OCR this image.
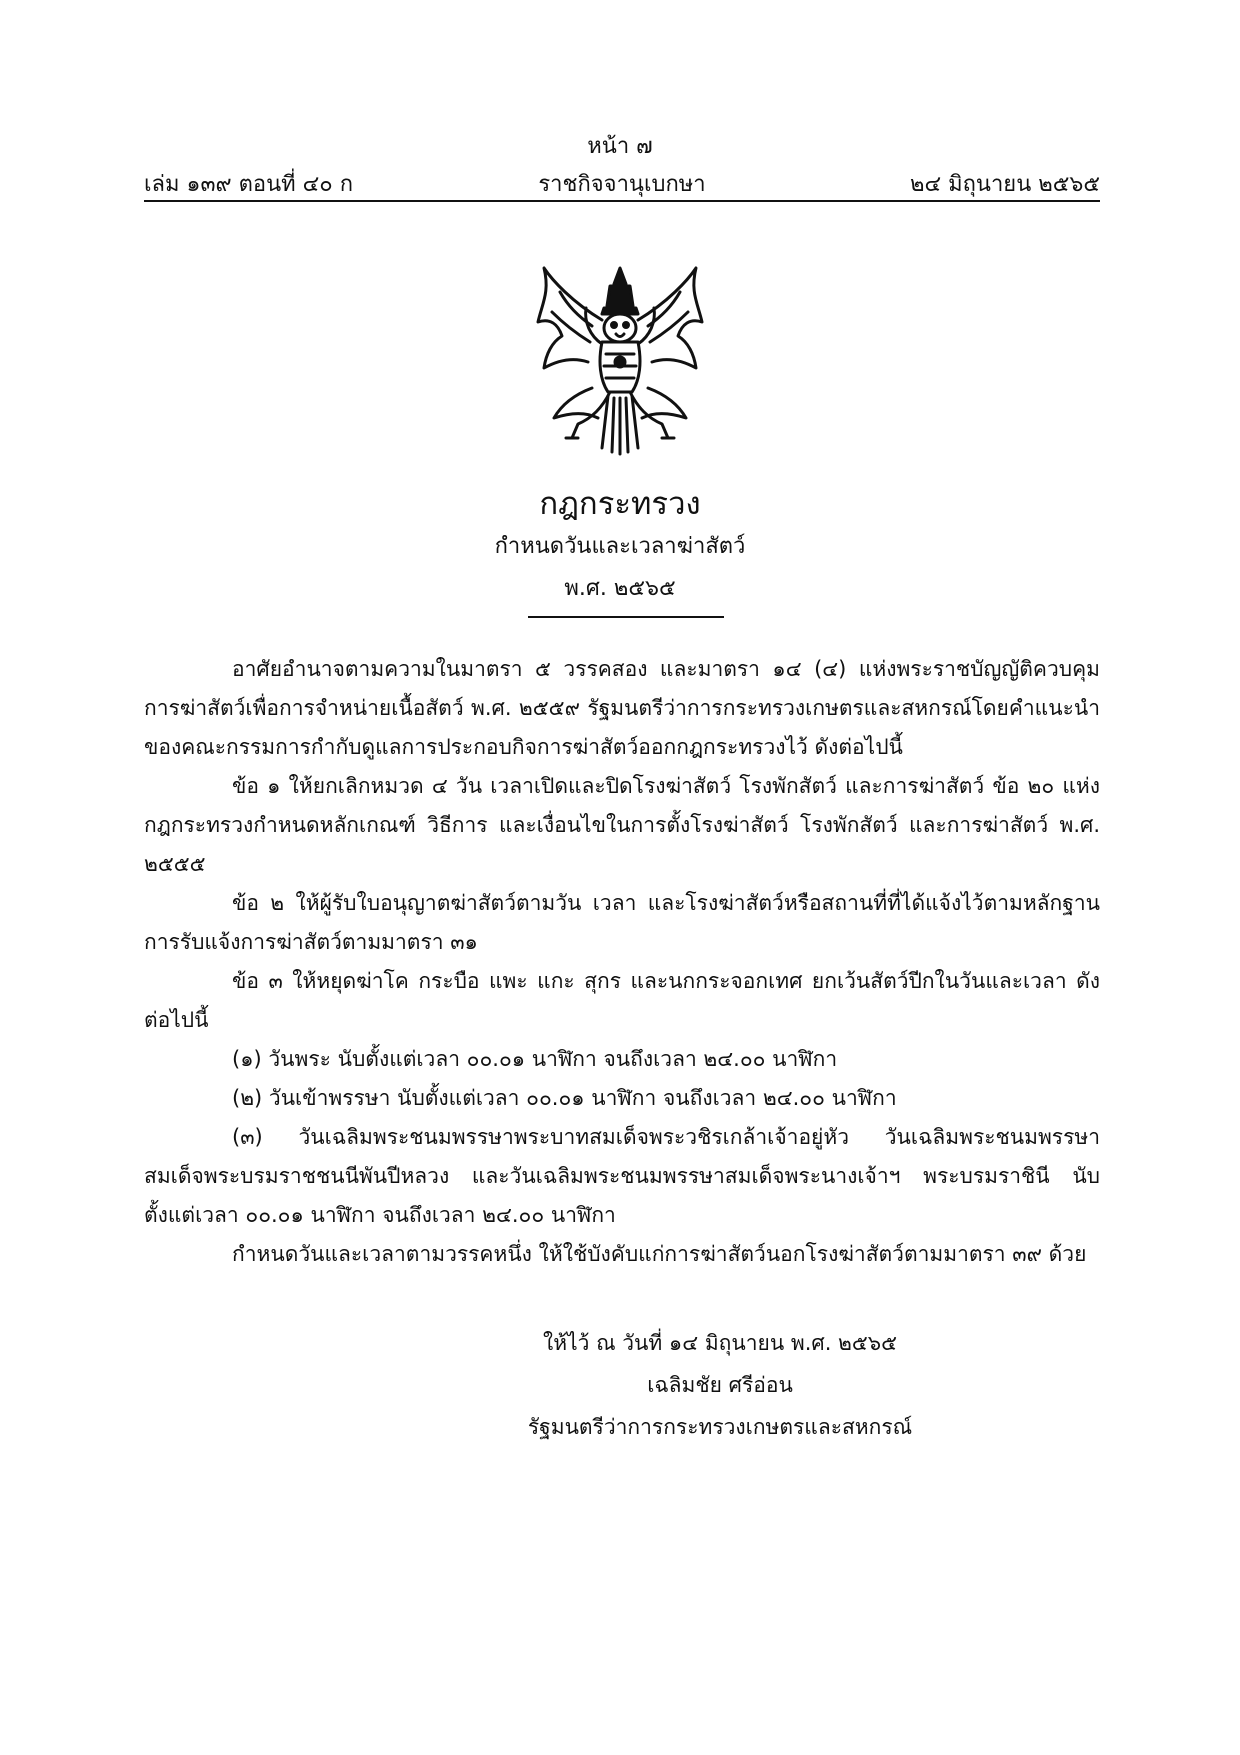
หน้า ๗
เล่ม ๑๓๙ ตอนที่ ๔๐ ก	ราชกิจจานุเบกษา	๒๔ มิถุนายน ๒๕๖๕
กฎกระทรวง
กำหนดวันและเวลาฆ่าสัตว์
พ.ศ. ๒๕๖๕

อาศัยอำนาจตามความในมาตรา ๕ วรรคสอง และมาตรา ๑๔ (๔) แห่งพระราชบัญญัติควบคุมการฆ่าสัตว์เพื่อการจำหน่ายเนื้อสัตว์ พ.ศ. ๒๕๕๙ รัฐมนตรีว่าการกระทรวงเกษตรและสหกรณ์โดยคำแนะนำของคณะกรรมการกำกับดูแลการประกอบกิจการฆ่าสัตว์ออกกฎกระทรวงไว้ ดังต่อไปนี้

ข้อ ๑ ให้ยกเลิกหมวด ๔ วัน เวลาเปิดและปิดโรงฆ่าสัตว์ โรงพักสัตว์ และการฆ่าสัตว์ ข้อ ๒๐ แห่งกฎกระทรวงกำหนดหลักเกณฑ์ วิธีการ และเงื่อนไขในการตั้งโรงฆ่าสัตว์ โรงพักสัตว์ และการฆ่าสัตว์ พ.ศ. ๒๕๕๕

ข้อ ๒ ให้ผู้รับใบอนุญาตฆ่าสัตว์ตามวัน เวลา และโรงฆ่าสัตว์หรือสถานที่ที่ได้แจ้งไว้ตามหลักฐานการรับแจ้งการฆ่าสัตว์ตามมาตรา ๓๑

ข้อ ๓ ให้หยุดฆ่าโค กระบือ แพะ แกะ สุกร และนกกระจอกเทศ ยกเว้นสัตว์ปีกในวันและเวลา ดังต่อไปนี้

(๑) วันพระ นับตั้งแต่เวลา ๐๐.๐๑ นาฬิกา จนถึงเวลา ๒๔.๐๐ นาฬิกา

(๒) วันเข้าพรรษา นับตั้งแต่เวลา ๐๐.๐๑ นาฬิกา จนถึงเวลา ๒๔.๐๐ นาฬิกา

(๓) วันเฉลิมพระชนมพรรษาพระบาทสมเด็จพระวชิรเกล้าเจ้าอยู่หัว วันเฉลิมพระชนมพรรษาสมเด็จพระบรมราชชนนีพันปีหลวง และวันเฉลิมพระชนมพรรษาสมเด็จพระนางเจ้าฯ พระบรมราชินี นับตั้งแต่เวลา ๐๐.๐๑ นาฬิกา จนถึงเวลา ๒๔.๐๐ นาฬิกา

กำหนดวันและเวลาตามวรรคหนึ่ง ให้ใช้บังคับแก่การฆ่าสัตว์นอกโรงฆ่าสัตว์ตามมาตรา ๓๙ ด้วย

ให้ไว้ ณ วันที่ ๑๔ มิถุนายน พ.ศ. ๒๕๖๕
เฉลิมชัย ศรีอ่อน
รัฐมนตรีว่าการกระทรวงเกษตรและสหกรณ์
